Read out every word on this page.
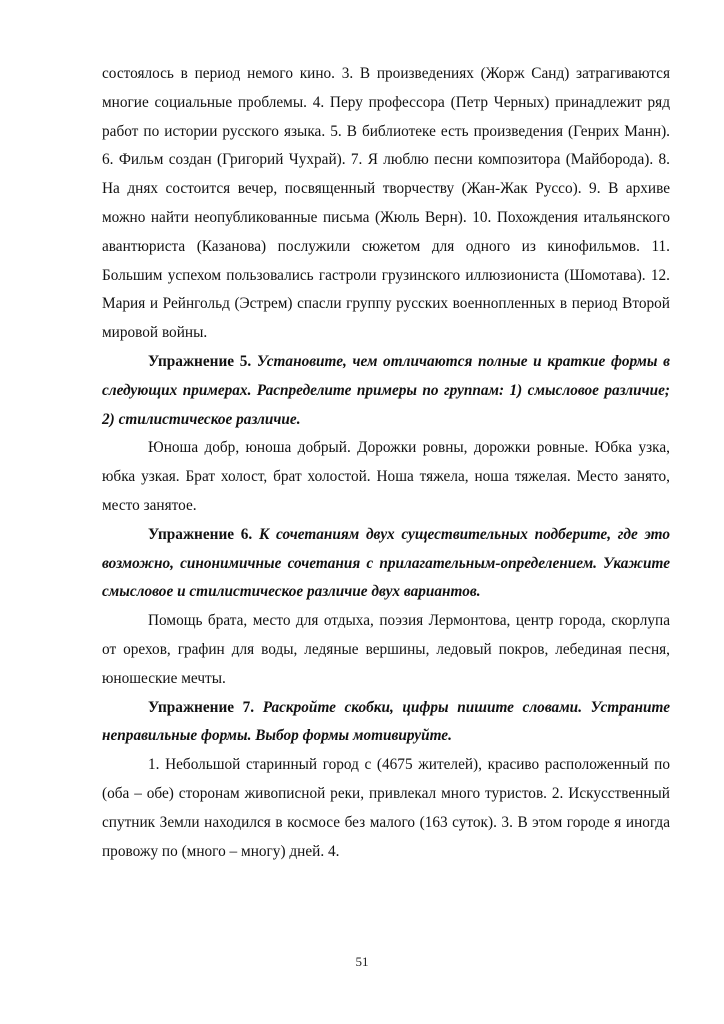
состоялось в период немого кино. 3. В произведениях (Жорж Санд) затрагиваются многие социальные проблемы. 4. Перу профессора (Петр Черных) принадлежит ряд работ по истории русского языка. 5. В библиотеке есть произведения (Генрих Манн). 6. Фильм создан (Григорий Чухрай). 7. Я люблю песни композитора (Майборода). 8. На днях состоится вечер, посвященный творчеству (Жан-Жак Руссо). 9. В архиве можно найти неопубликованные письма (Жюль Верн). 10. Похождения итальянского авантюриста (Казанова) послужили сюжетом для одного из кинофильмов. 11. Большим успехом пользовались гастроли грузинского иллюзиониста (Шомотава). 12. Мария и Рейнгольд (Эстрем) спасли группу русских военнопленных в период Второй мировой войны.

Упражнение 5. Установите, чем отличаются полные и краткие формы в следующих примерах. Распределите примеры по группам: 1) смысловое различие; 2) стилистическое различие.

Юноша добр, юноша добрый. Дорожки ровны, дорожки ровные. Юбка узка, юбка узкая. Брат холост, брат холостой. Ноша тяжела, ноша тяжелая. Место занято, место занятое.

Упражнение 6. К сочетаниям двух существительных подберите, где это возможно, синонимичные сочетания с прилагательным-определением. Укажите смысловое и стилистическое различие двух вариантов.

Помощь брата, место для отдыха, поэзия Лермонтова, центр города, скорлупа от орехов, графин для воды, ледяные вершины, ледовый покров, лебединая песня, юношеские мечты.

Упражнение 7. Раскройте скобки, цифры пишите словами. Устраните неправильные формы. Выбор формы мотивируйте.

1. Небольшой старинный город с (4675 жителей), красиво расположенный по (оба – обе) сторонам живописной реки, привлекал много туристов. 2. Искусственный спутник Земли находился в космосе без малого (163 суток). 3. В этом городе я иногда провожу по (много – многу) дней. 4.

51
